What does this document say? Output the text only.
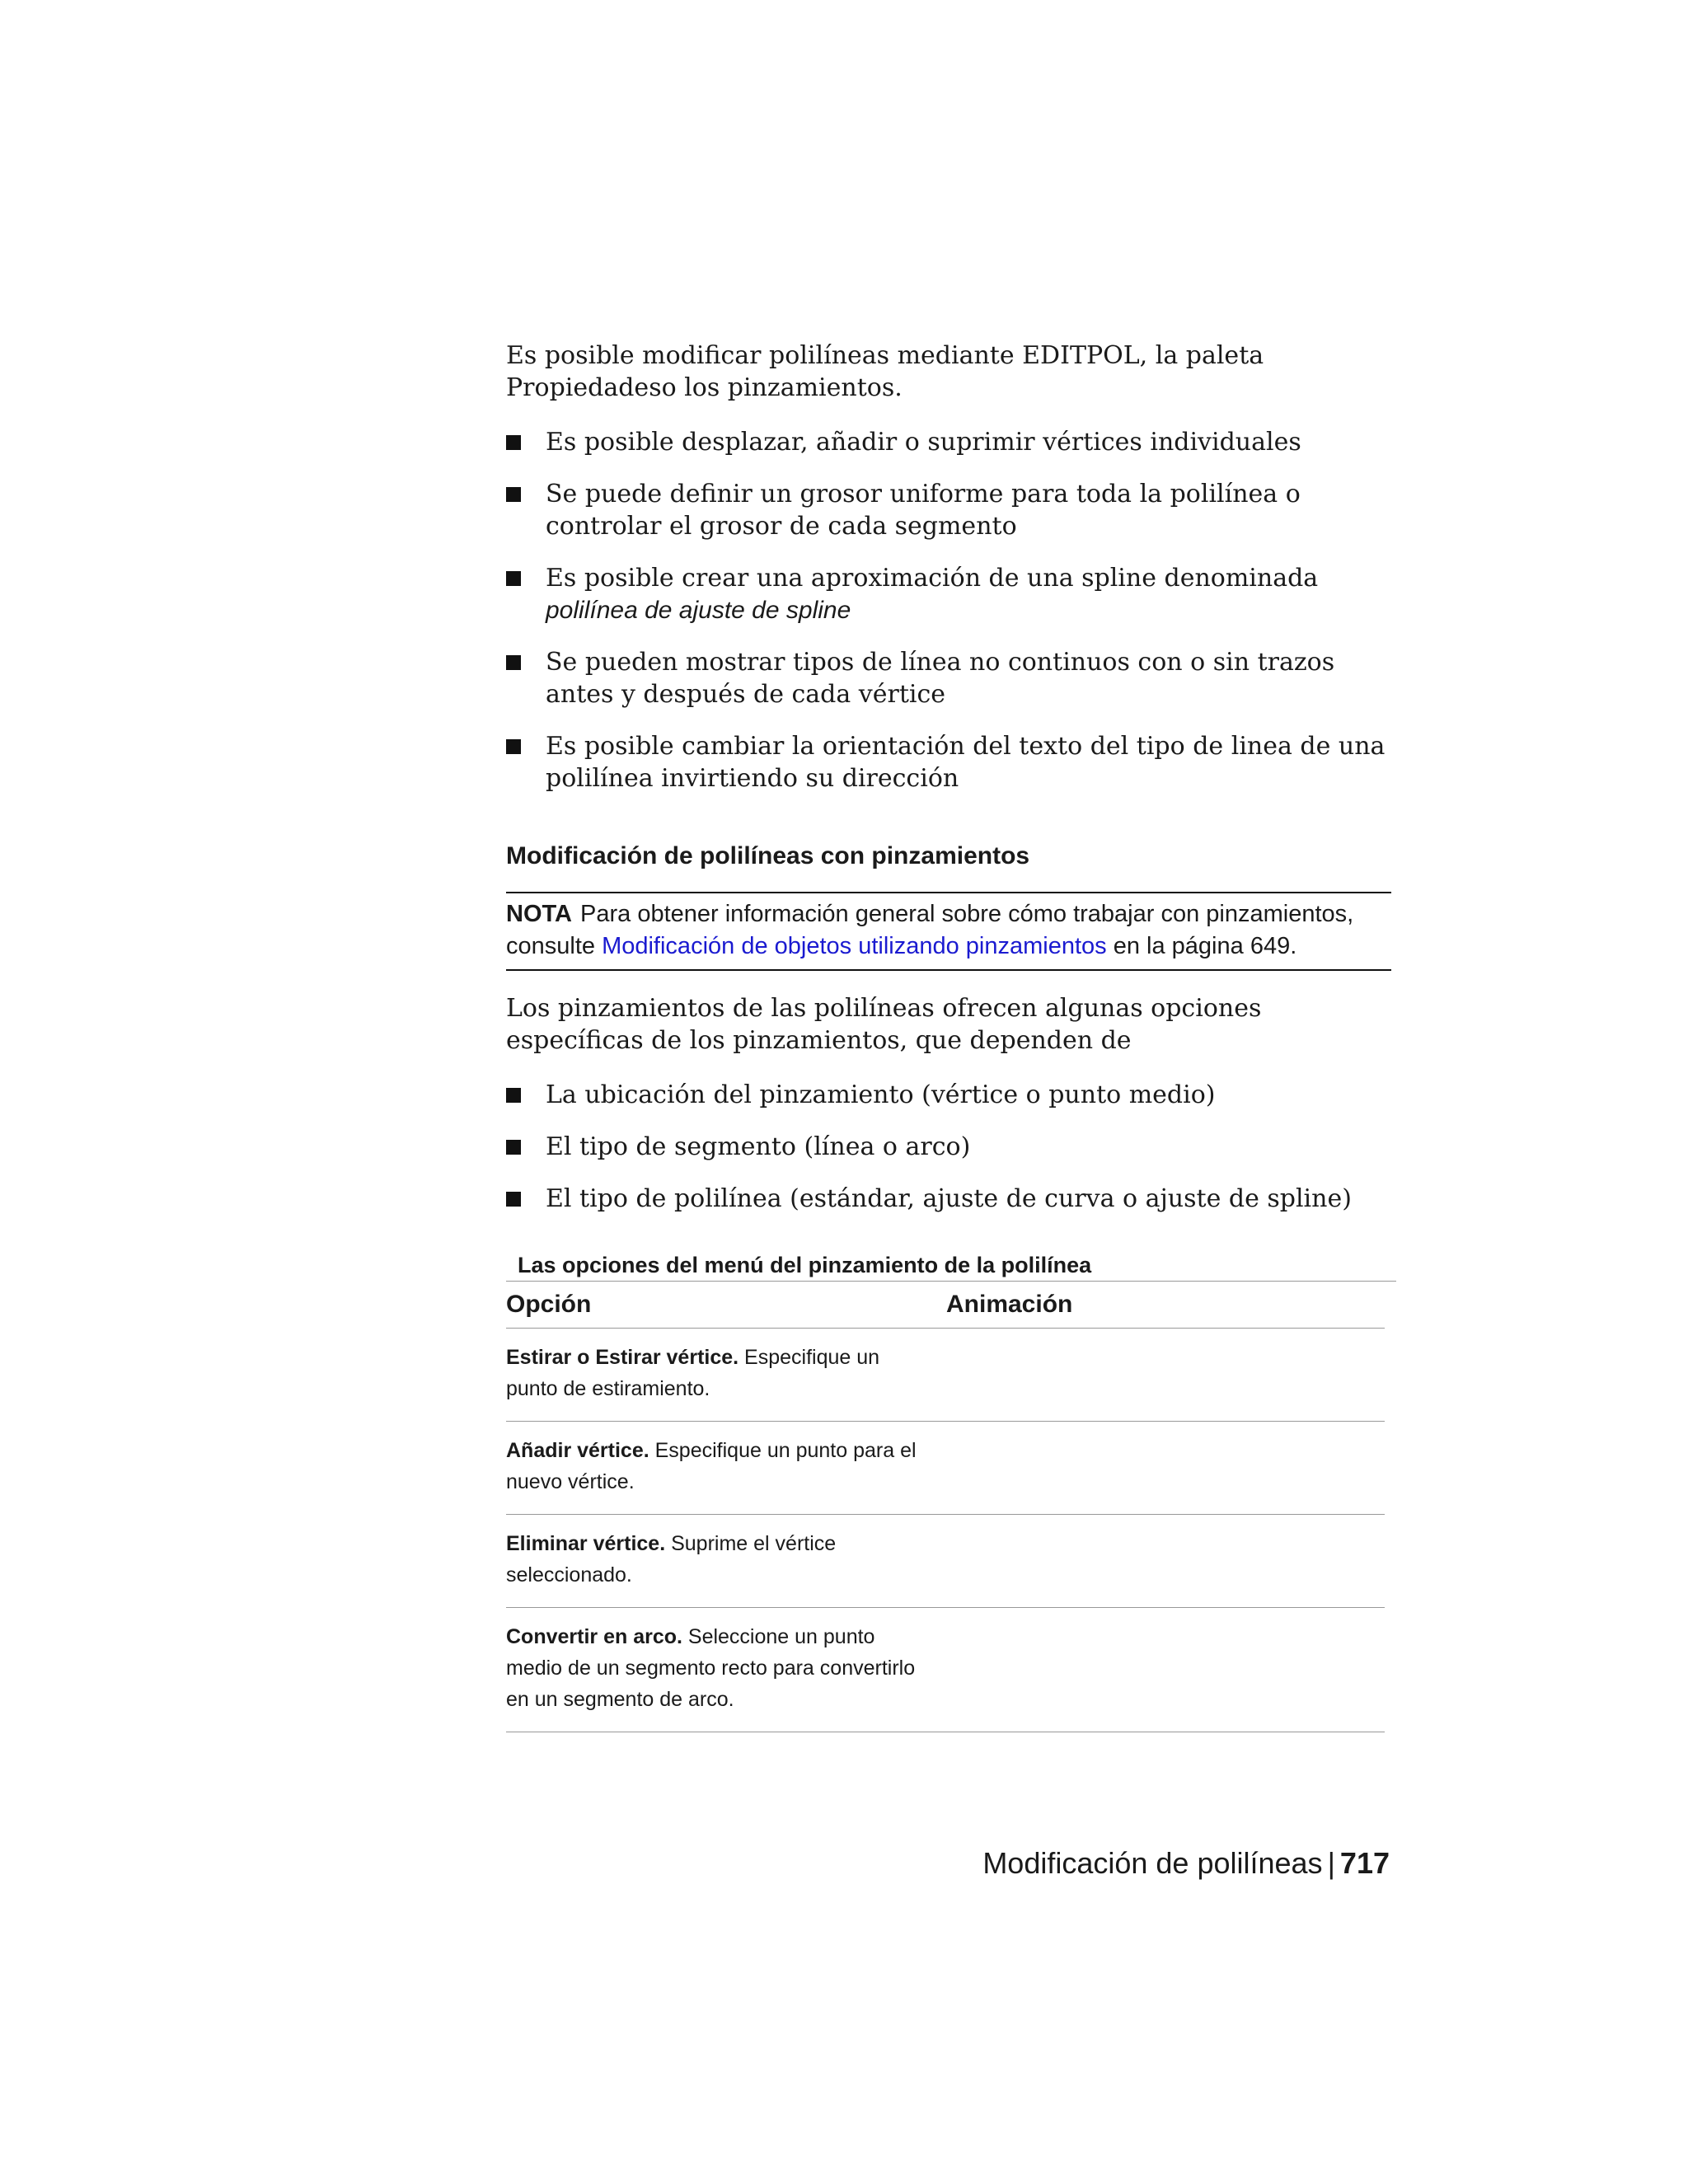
Es posible modificar polilíneas mediante EDITPOL, la paleta Propiedadeso los pinzamientos.

Es posible desplazar, añadir o suprimir vértices individuales
Se puede definir un grosor uniforme para toda la polilínea o controlar el grosor de cada segmento
Es posible crear una aproximación de una spline denominada polilínea de ajuste de spline
Se pueden mostrar tipos de línea no continuos con o sin trazos antes y después de cada vértice
Es posible cambiar la orientación del texto del tipo de linea de una polilínea invirtiendo su dirección
Modificación de polilíneas con pinzamientos
NOTA Para obtener información general sobre cómo trabajar con pinzamientos, consulte Modificación de objetos utilizando pinzamientos en la página 649.

Los pinzamientos de las polilíneas ofrecen algunas opciones específicas de los pinzamientos, que dependen de

La ubicación del pinzamiento (vértice o punto medio)
El tipo de segmento (línea o arco)
El tipo de polilínea (estándar, ajuste de curva o ajuste de spline)
Las opciones del menú del pinzamiento de la polilínea
Opción	Animación
Estirar o Estirar vértice. Especifique un punto de estiramiento.
Añadir vértice. Especifique un punto para el nuevo vértice.
Eliminar vértice. Suprime el vértice seleccionado.
Convertir en arco. Seleccione un punto medio de un segmento recto para convertirlo en un segmento de arco.
Modificación de polilíneas | 717
